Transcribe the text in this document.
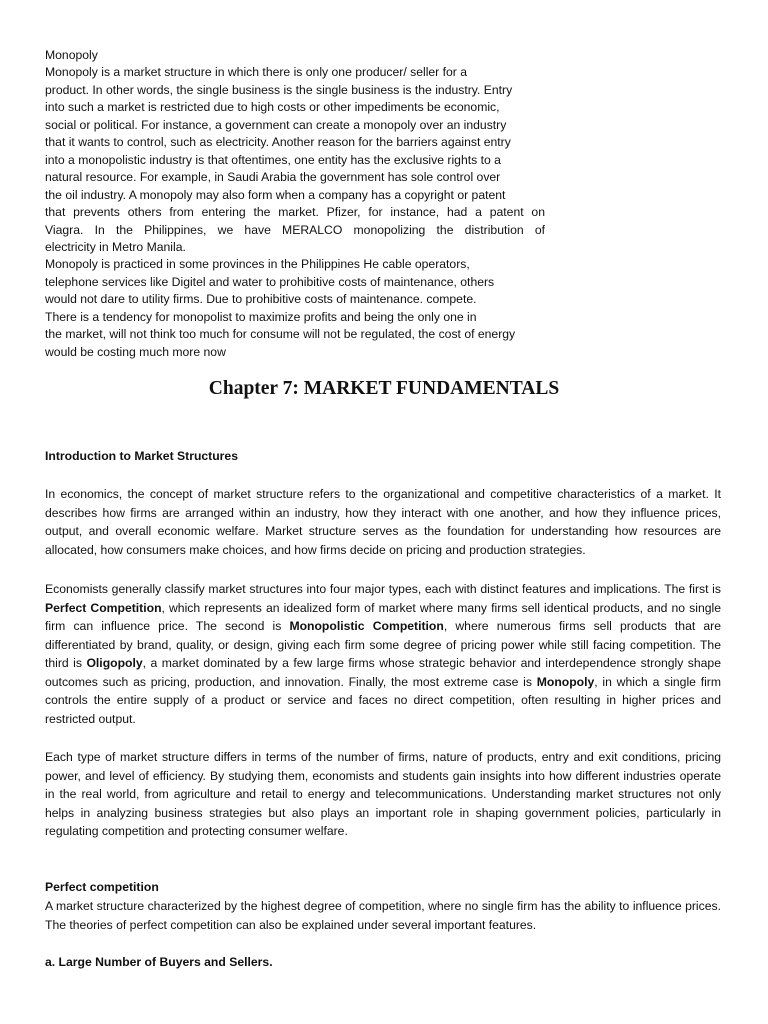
Monopoly
Monopoly is a market structure in which there is only one producer/ seller for a
product. In other words, the single business is the single business is the industry. Entry
into such a market is restricted due to high costs or other impediments be economic,
social or political. For instance, a government can create a monopoly over an industry
that it wants to control, such as electricity. Another reason for the barriers against entry
into a monopolistic industry is that oftentimes, one entity has the exclusive rights to a
natural resource. For example, in Saudi Arabia the government has sole control over
the oil industry. A monopoly may also form when a company has a copyright or patent
that prevents others from entering the market. Pfizer, for instance, had a patent on
Viagra. In the Philippines, we have MERALCO monopolizing the distribution of
electricity in Metro Manila.
Monopoly is practiced in some provinces in the Philippines He cable operators,
telephone services like Digitel and water to prohibitive costs of maintenance, others
would not dare to utility firms. Due to prohibitive costs of maintenance. compete.
There is a tendency for monopolist to maximize profits and being the only one in
the market, will not think too much for consume will not be regulated, the cost of energy
would be costing much more now
Chapter 7: MARKET FUNDAMENTALS
Introduction to Market Structures

In economics, the concept of market structure refers to the organizational and competitive characteristics of a market. It describes how firms are arranged within an industry, how they interact with one another, and how they influence prices, output, and overall economic welfare. Market structure serves as the foundation for understanding how resources are allocated, how consumers make choices, and how firms decide on pricing and production strategies.

Economists generally classify market structures into four major types, each with distinct features and implications. The first is Perfect Competition, which represents an idealized form of market where many firms sell identical products, and no single firm can influence price. The second is Monopolistic Competition, where numerous firms sell products that are differentiated by brand, quality, or design, giving each firm some degree of pricing power while still facing competition. The third is Oligopoly, a market dominated by a few large firms whose strategic behavior and interdependence strongly shape outcomes such as pricing, production, and innovation. Finally, the most extreme case is Monopoly, in which a single firm controls the entire supply of a product or service and faces no direct competition, often resulting in higher prices and restricted output.

Each type of market structure differs in terms of the number of firms, nature of products, entry and exit conditions, pricing power, and level of efficiency. By studying them, economists and students gain insights into how different industries operate in the real world, from agriculture and retail to energy and telecommunications. Understanding market structures not only helps in analyzing business strategies but also plays an important role in shaping government policies, particularly in regulating competition and protecting consumer welfare.

Perfect competition

A market structure characterized by the highest degree of competition, where no single firm has the ability to influence prices. The theories of perfect competition can also be explained under several important features.

a. Large Number of Buyers and Sellers.
